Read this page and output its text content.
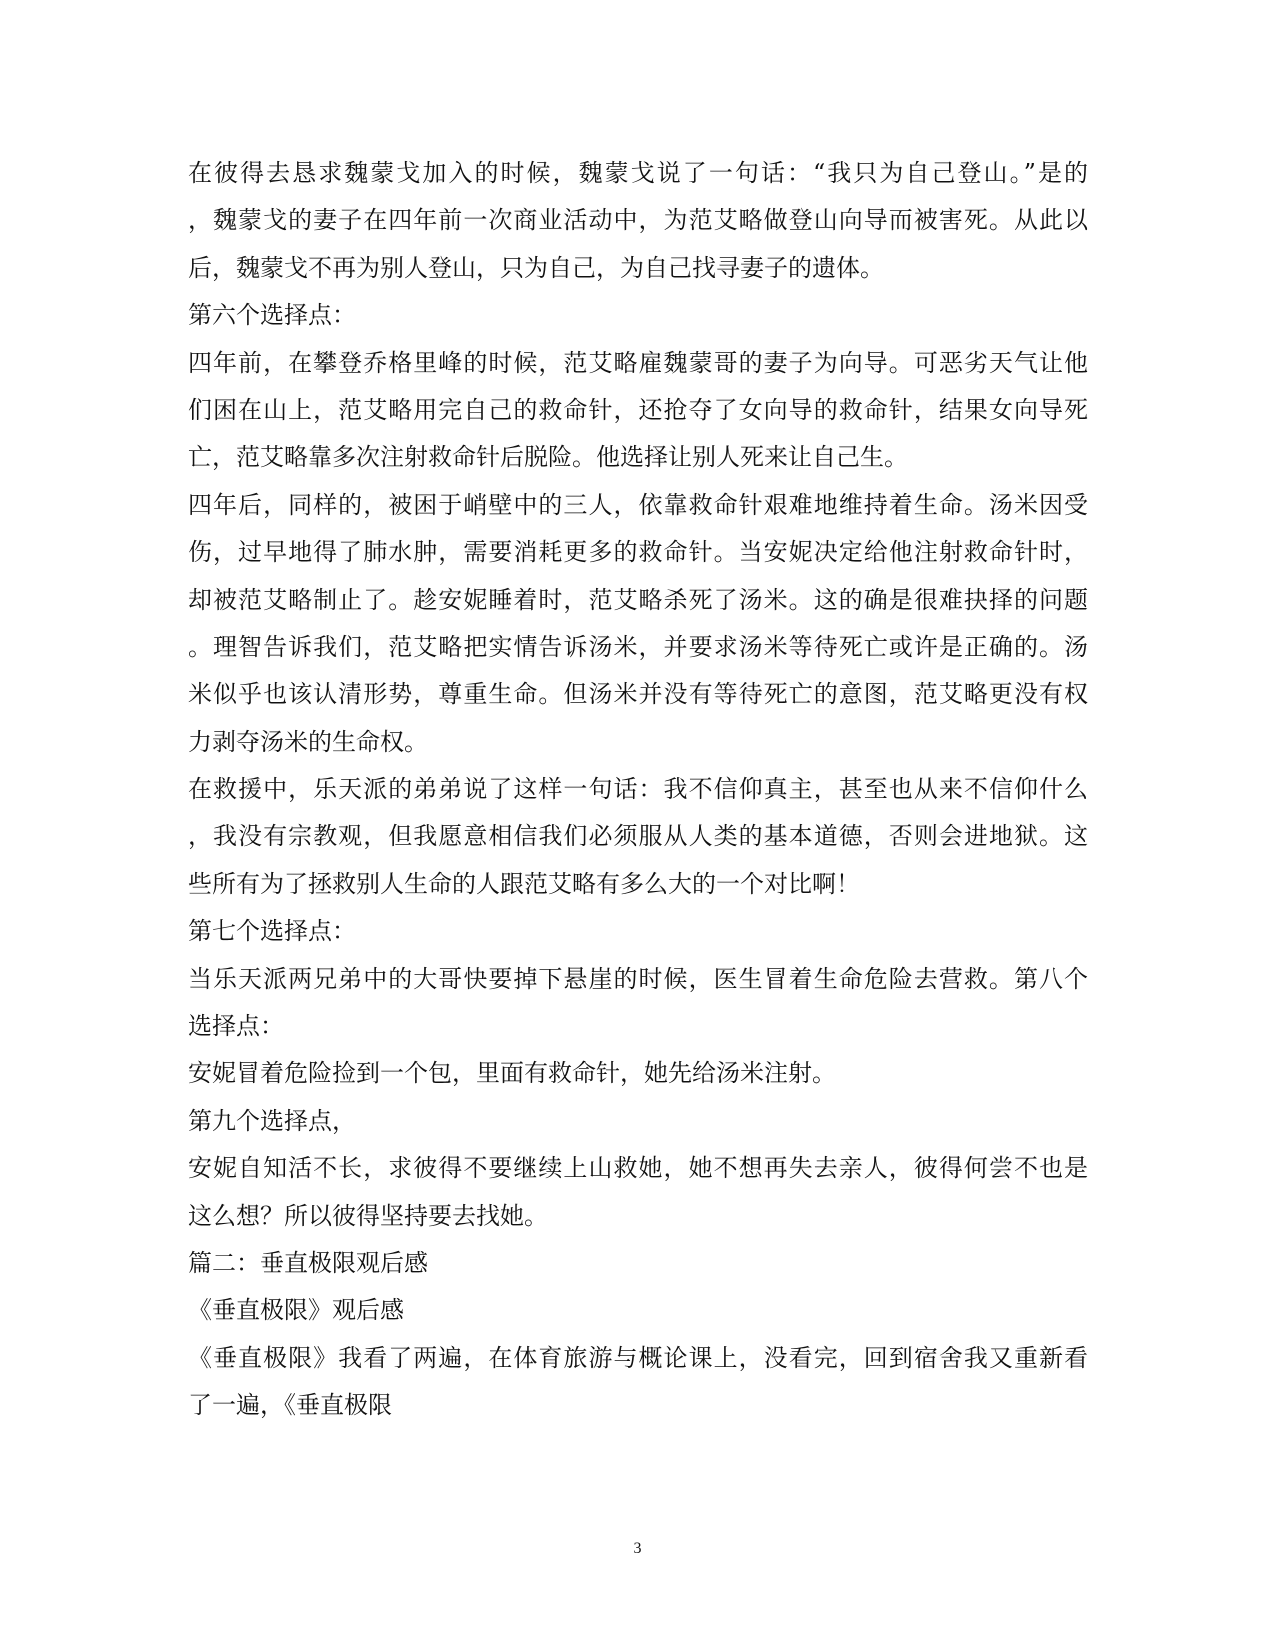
在彼得去恳求魏蒙戈加入的时候，魏蒙戈说了一句话：“我只为自己登山。”是的
，魏蒙戈的妻子在四年前一次商业活动中，为范艾略做登山向导而被害死。从此以
后，魏蒙戈不再为别人登山，只为自己，为自己找寻妻子的遗体。
第六个选择点：
四年前，在攀登乔格里峰的时候，范艾略雇魏蒙哥的妻子为向导。可恶劣天气让他
们困在山上，范艾略用完自己的救命针，还抢夺了女向导的救命针，结果女向导死
亡，范艾略靠多次注射救命针后脱险。他选择让别人死来让自己生。
四年后，同样的，被困于峭壁中的三人，依靠救命针艰难地维持着生命。汤米因受
伤，过早地得了肺水肿，需要消耗更多的救命针。当安妮决定给他注射救命针时，
却被范艾略制止了。趁安妮睡着时，范艾略杀死了汤米。这的确是很难抉择的问题
。理智告诉我们，范艾略把实情告诉汤米，并要求汤米等待死亡或许是正确的。汤
米似乎也该认清形势，尊重生命。但汤米并没有等待死亡的意图，范艾略更没有权
力剥夺汤米的生命权。
在救援中，乐天派的弟弟说了这样一句话：我不信仰真主，甚至也从来不信仰什么
，我没有宗教观，但我愿意相信我们必须服从人类的基本道德，否则会进地狱。这
些所有为了拯救别人生命的人跟范艾略有多么大的一个对比啊！
第七个选择点：
当乐天派两兄弟中的大哥快要掉下悬崖的时候，医生冒着生命危险去营救。第八个
选择点：
安妮冒着危险捡到一个包，里面有救命针，她先给汤米注射。
第九个选择点，
安妮自知活不长，求彼得不要继续上山救她，她不想再失去亲人，彼得何尝不也是
这么想？所以彼得坚持要去找她。
篇二：垂直极限观后感
《垂直极限》观后感
《垂直极限》我看了两遍，在体育旅游与概论课上，没看完，回到宿舍我又重新看
了一遍，《垂直极限
3
